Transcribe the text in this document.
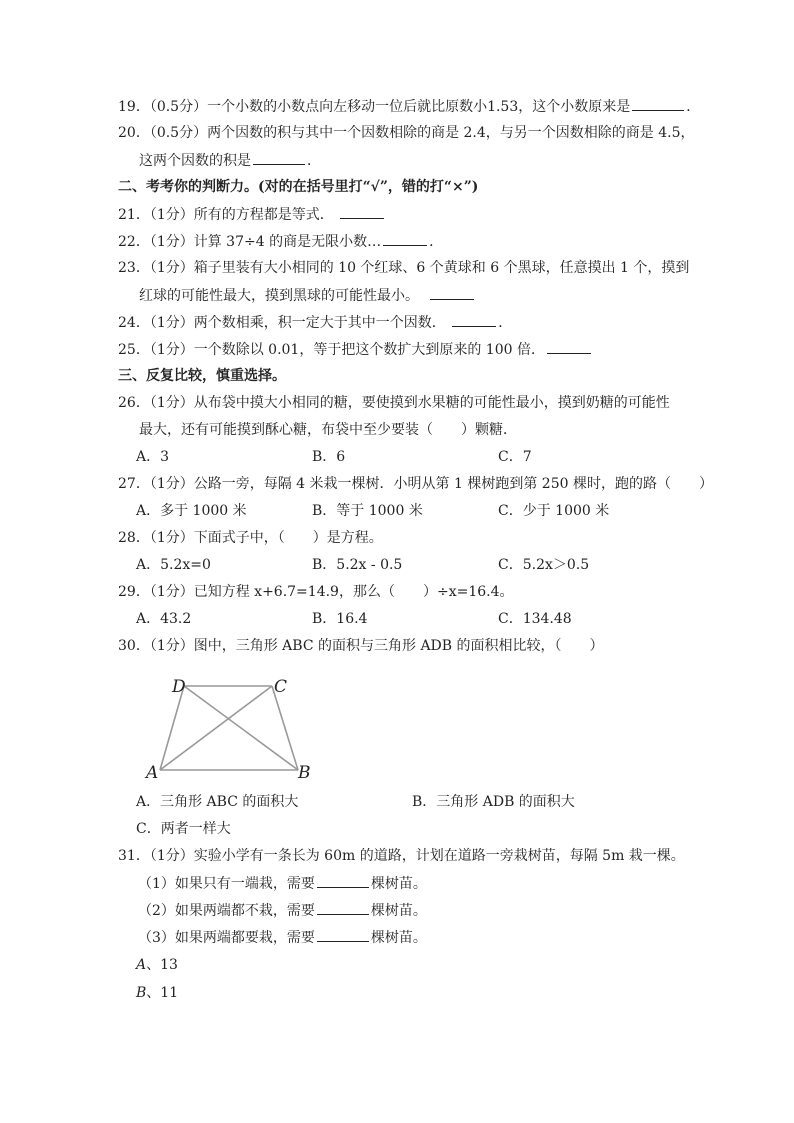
19．（0.5分）一个小数的小数点向左移动一位后就比原数小1.53，这个小数原来是	．
20．（0.5分）两个因数的积与其中一个因数相除的商是 2.4，与另一个因数相除的商是 4.5，
这两个因数的积是	．
二、考考你的判断力。(对的在括号里打“√”，错的打“×”)
21．（1分）所有的方程都是等式．
22．（1分）计算 37÷4 的商是无限小数…	．
23．（1分）箱子里装有大小相同的 10 个红球、6 个黄球和 6 个黑球，任意摸出 1 个，摸到
红球的可能性最大，摸到黑球的可能性最小。
24．（1分）两个数相乘，积一定大于其中一个因数．	．
25．（1分）一个数除以 0.01，等于把这个数扩大到原来的 100 倍．
三、反复比较，慎重选择。
26．（1分）从布袋中摸大小相同的糖，要使摸到水果糖的可能性最小，摸到奶糖的可能性
最大，还有可能摸到酥心糖，布袋中至少要装（　　）颗糖．
A．3	B．6	C．7
27．（1分）公路一旁，每隔 4 米栽一棵树．小明从第 1 棵树跑到第 250 棵时，跑的路（　　）
A．多于 1000 米	B．等于 1000 米	C．少于 1000 米
28．（1分）下面式子中，（　　）是方程。
A．5.2x=0	B．5.2x - 0.5	C．5.2x＞0.5
29．（1分）已知方程 x+6.7=14.9，那么（　　）÷x=16.4。
A．43.2	B．16.4	C．134.48
30．（1分）图中，三角形 ABC 的面积与三角形 ADB 的面积相比较，（　　）
D	C
A	B
A．三角形 ABC 的面积大	B．三角形 ADB 的面积大
C．两者一样大
31．（1分）实验小学有一条长为 60m 的道路，计划在道路一旁栽树苗，每隔 5m 栽一棵。
（1）如果只有一端栽，需要	棵树苗。
（2）如果两端都不栽，需要	棵树苗。
（3）如果两端都要栽，需要	棵树苗。
A、13
B、11
